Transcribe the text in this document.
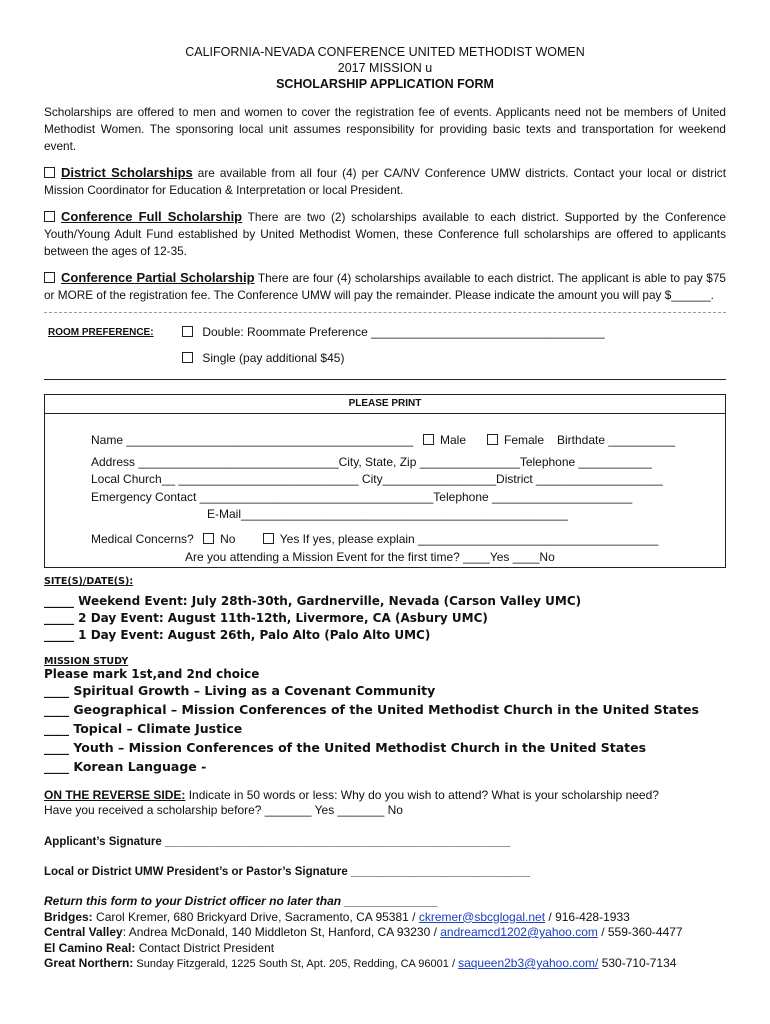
CALIFORNIA-NEVADA CONFERENCE UNITED METHODIST WOMEN
2017 MISSION u
SCHOLARSHIP APPLICATION FORM

Scholarships are offered to men and women to cover the registration fee of events. Applicants need not be members of United Methodist Women. The sponsoring local unit assumes responsibility for providing basic texts and transportation for weekend event.

District Scholarships are available from all four (4) per CA/NV Conference UMW districts. Contact your local or district Mission Coordinator for Education & Interpretation or local President.

Conference Full Scholarship There are two (2) scholarships available to each district. Supported by the Conference Youth/Young Adult Fund established by United Methodist Women, these Conference full scholarships are offered to applicants between the ages of 12-35.

Conference Partial Scholarship There are four (4) scholarships available to each district. The applicant is able to pay $75 or MORE of the registration fee. The Conference UMW will pay the remainder. Please indicate the amount you will pay $______.

ROOM PREFERENCE:	Double: Roommate Preference ___________________________________
Single (pay additional $45)
PLEASE PRINT
Name ___________________________________________	Male	Female Birthdate __________
Address ______________________________City, State, Zip _______________Telephone ___________
Local Church__ ___________________________ City_________________District ___________________
Emergency Contact ___________________________________Telephone _____________________
E-Mail_________________________________________________
Medical Concerns? No	Yes If yes, please explain ____________________________________
Are you attending a Mission Event for the first time? ____Yes ____No
SITE(S)/DATE(S):
_____ Weekend Event: July 28th-30th, Gardnerville, Nevada (Carson Valley UMC)
_____ 2 Day Event: August 11th-12th, Livermore, CA (Asbury UMC)
_____ 1 Day Event: August 26th, Palo Alto (Palo Alto UMC)
MISSION STUDY
Please mark 1st,and 2nd choice
____ Spiritual Growth – Living as a Covenant Community
____ Geographical – Mission Conferences of the United Methodist Church in the United States
____ Topical – Climate Justice
____ Youth – Mission Conferences of the United Methodist Church in the United States
____ Korean Language -
ON THE REVERSE SIDE: Indicate in 50 words or less: Why do you wish to attend? What is your scholarship need?
Have you received a scholarship before? _______ Yes _______ No
Applicant’s Signature ______________________________________________________
Local or District UMW President’s or Pastor’s Signature ____________________________
Return this form to your District officer no later than ______________
Bridges: Carol Kremer, 680 Brickyard Drive, Sacramento, CA 95381 / ckremer@sbcglogal.net / 916-428-1933
Central Valley: Andrea McDonald, 140 Middleton St, Hanford, CA 93230 / andreamcd1202@yahoo.com / 559-360-4477
El Camino Real: Contact District President
Great Northern: Sunday Fitzgerald, 1225 South St, Apt. 205, Redding, CA 96001 / saqueen2b3@yahoo.com/ 530-710-7134
